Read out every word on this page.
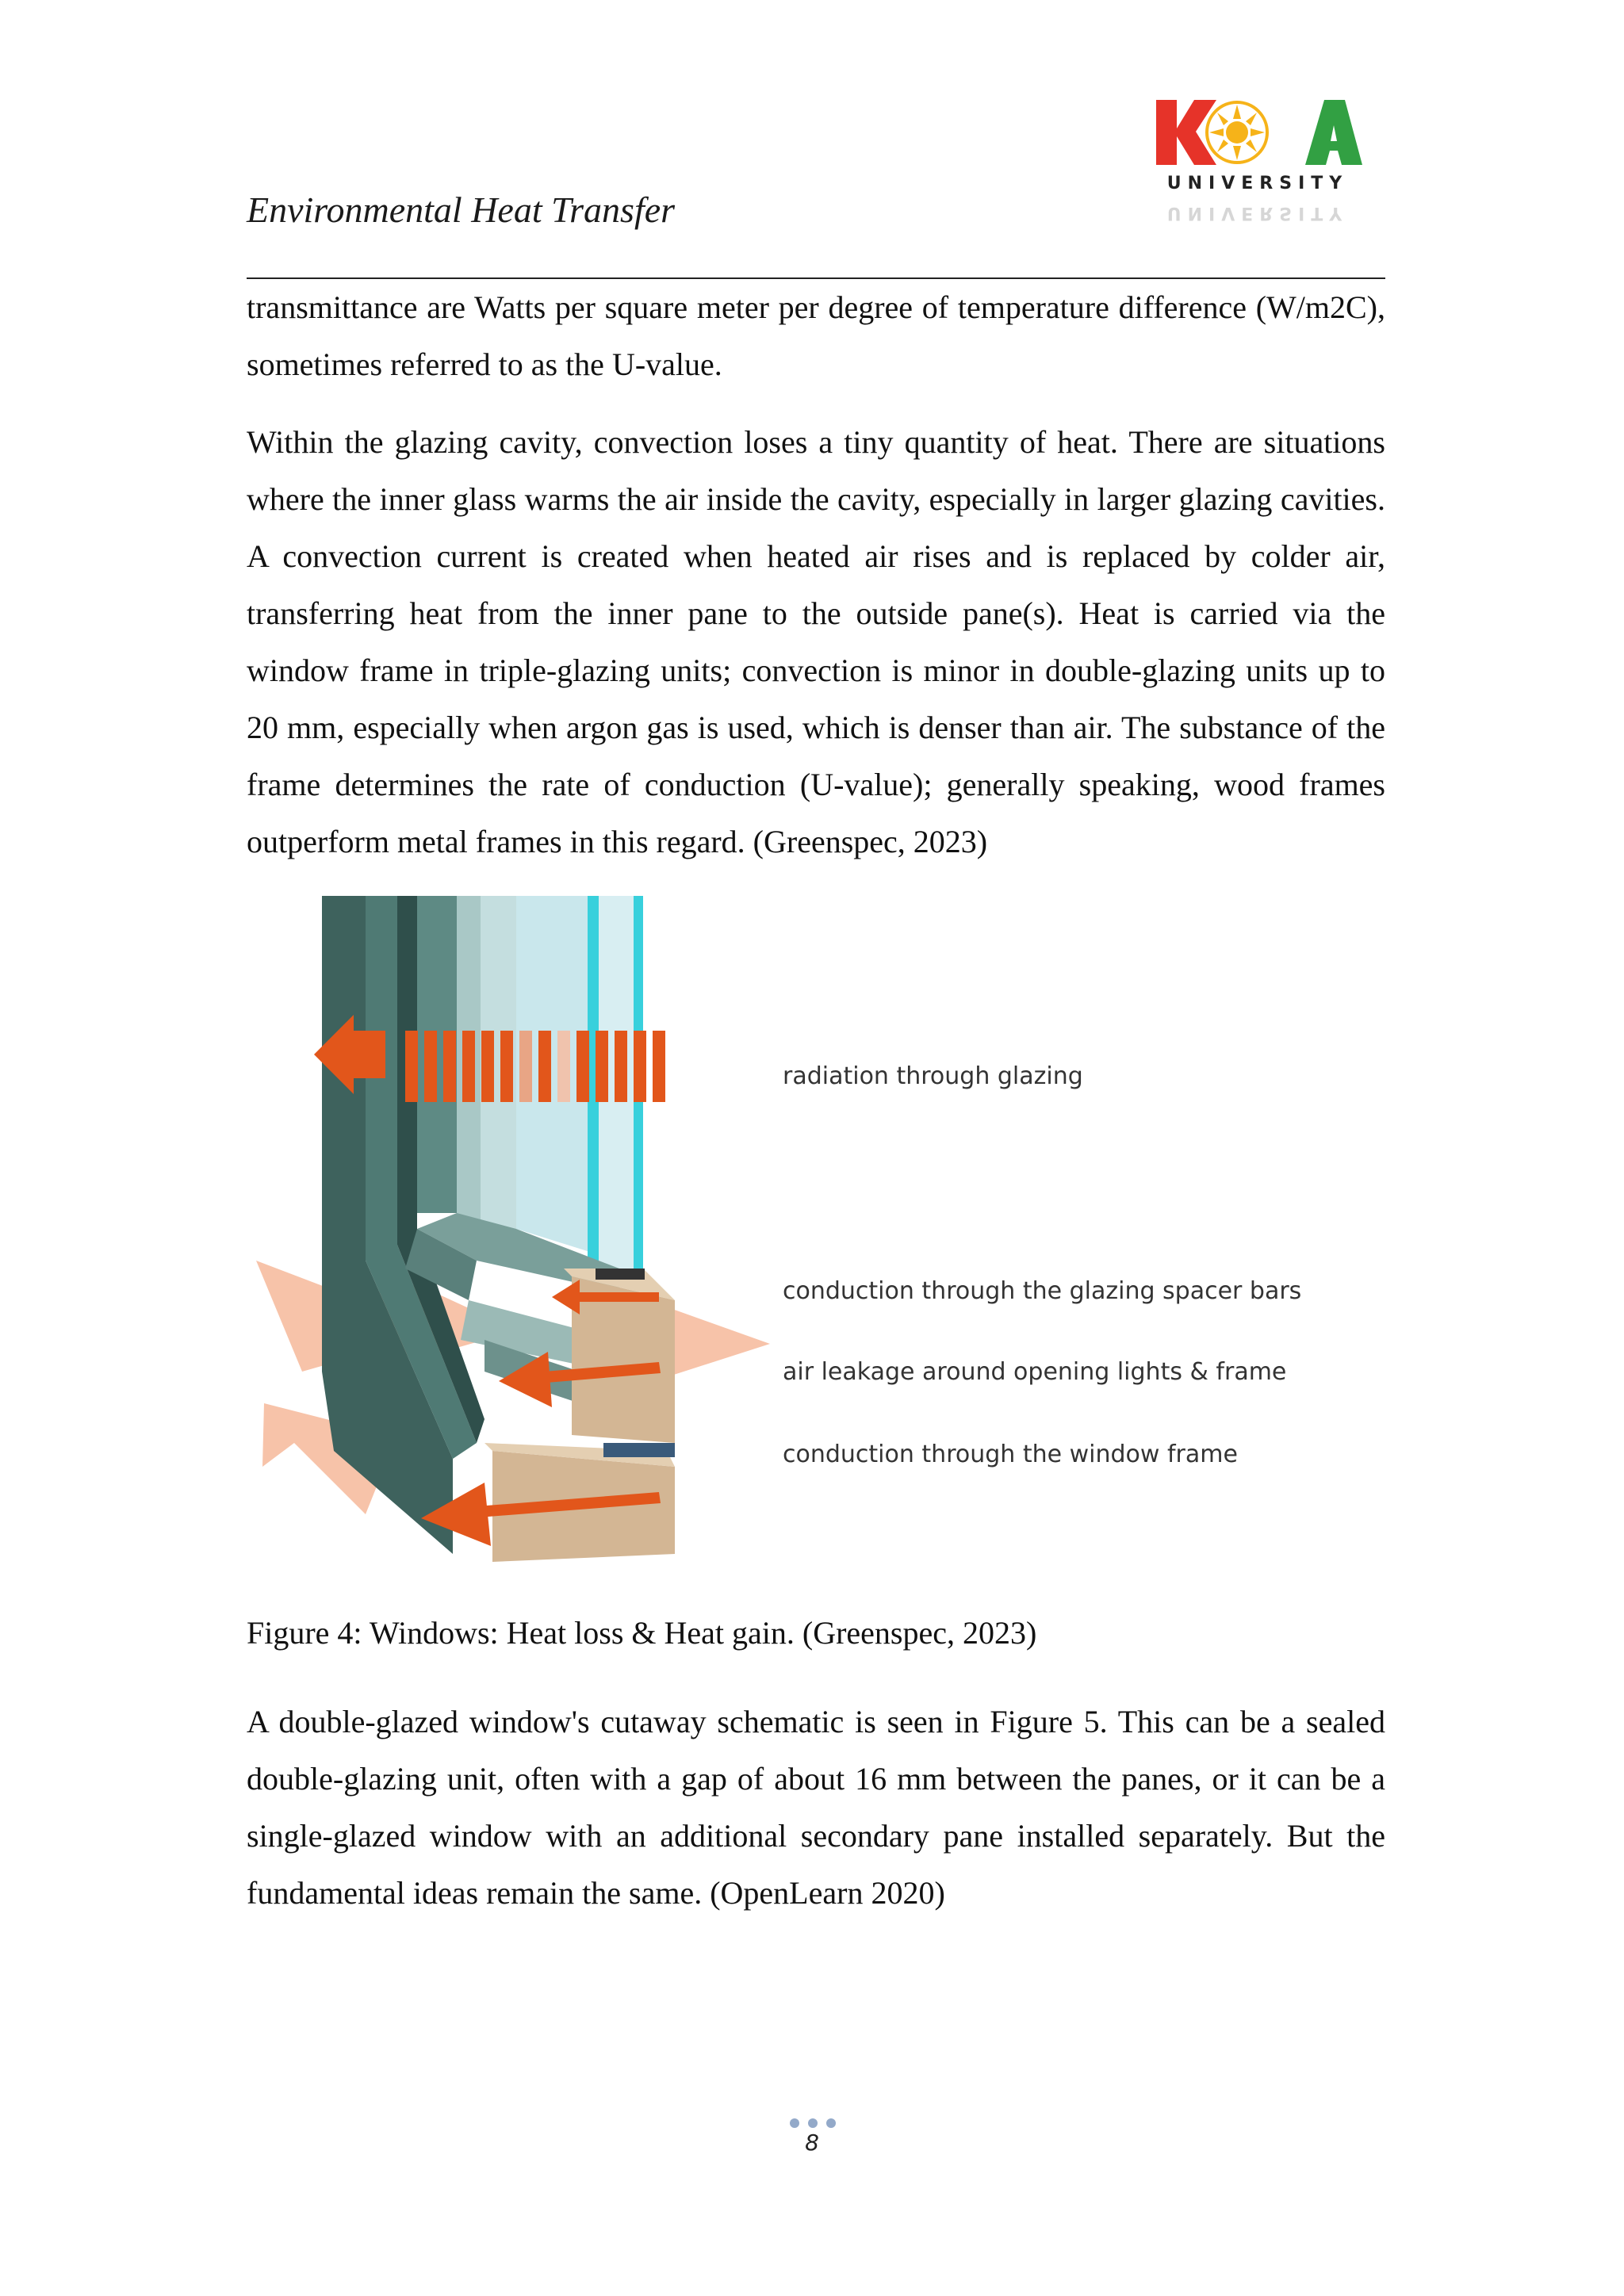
Environmental Heat Transfer
UNIVERSITY
UNIVERSITY

transmittance are Watts per square meter per degree of temperature difference (W/m2C), sometimes referred to as the U-value.

Within the glazing cavity, convection loses a tiny quantity of heat. There are situations where the inner glass warms the air inside the cavity, especially in larger glazing cavities. A convection current is created when heated air rises and is replaced by colder air, transferring heat from the inner pane to the outside pane(s). Heat is carried via the window frame in triple-glazing units; convection is minor in double-glazing units up to 20 mm, especially when argon gas is used, which is denser than air. The substance of the frame determines the rate of conduction (U-value); generally speaking, wood frames outperform metal frames in this regard. (Greenspec, 2023)

radiation through glazing
conduction through the glazing spacer bars
air leakage around opening lights & frame
conduction through the window frame
Figure 4: Windows: Heat loss & Heat gain. (Greenspec, 2023)

A double-glazed window's cutaway schematic is seen in Figure 5. This can be a sealed double-glazing unit, often with a gap of about 16 mm between the panes, or it can be a single-glazed window with an additional secondary pane installed separately. But the fundamental ideas remain the same. (OpenLearn 2020)

8
